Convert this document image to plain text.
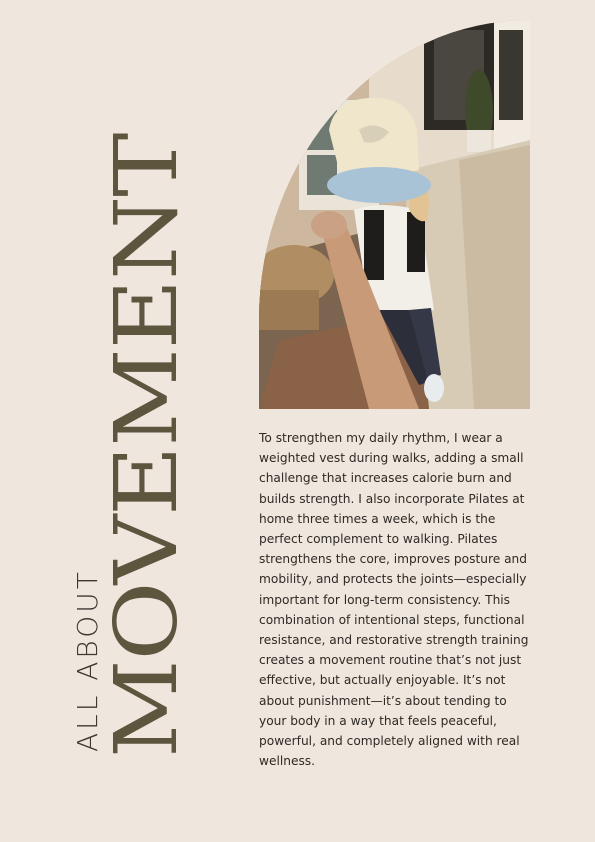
ALL ABOUT
MOVEMENT	To strengthen my daily rhythm, I wear a weighted vest during walks, adding a small challenge that increases calorie burn and builds strength. I also incorporate Pilates at home three times a week, which is the perfect complement to walking. Pilates strengthens the core, improves posture and mobility, and protects the joints—especially important for long-term consistency. This combination of intentional steps, functional resistance, and restorative strength training creates a movement routine that’s not just effective, but actually enjoyable. It’s not about punishment—it’s about tending to your body in a way that feels peaceful, powerful, and completely aligned with real wellness.
